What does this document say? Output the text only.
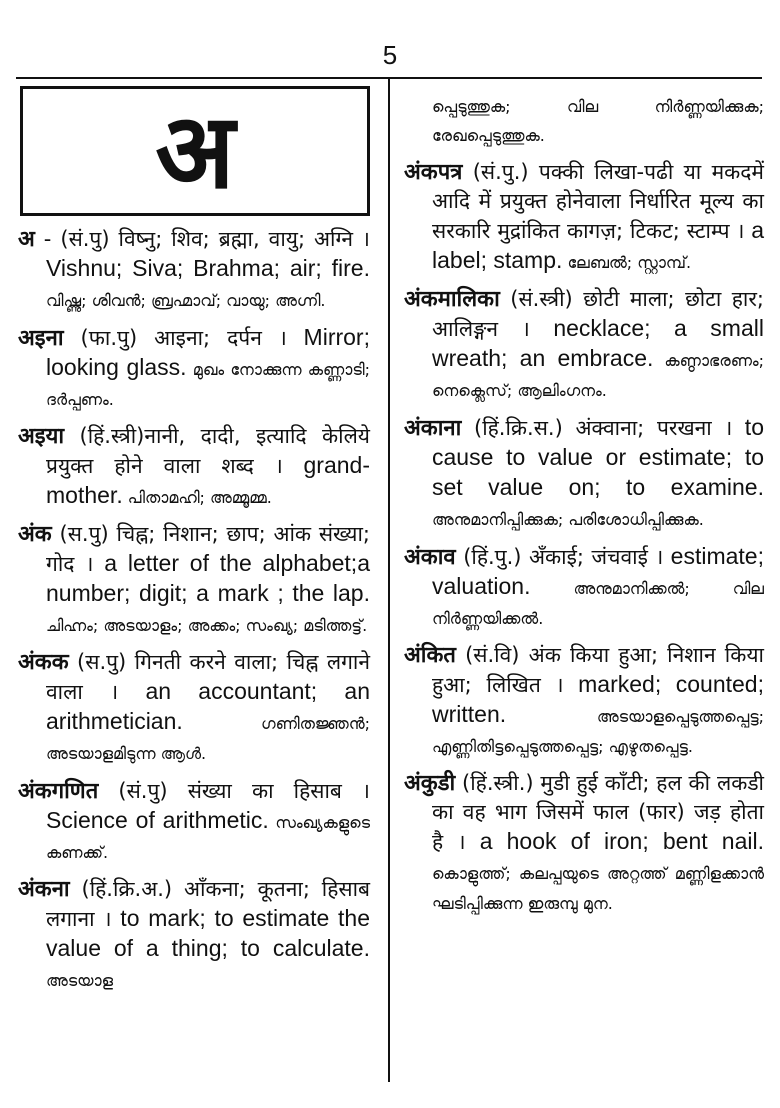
5
अ

अ - (सं.पु) विष्नु; शिव; ब्रह्मा, वायु; अग्नि । Vishnu; Siva; Brahma; air; fire. വിഷ്ണു; ശിവൻ; ബ്രഹ്മാവ്; വായു; അഗ്നി.

अइना (फा.पु) आइना; दर्पन । Mirror; looking glass. മുഖം നോക്കുന്ന കണ്ണാടി; ദർപ്പണം.

अइया (हिं.स्त्री)नानी, दादी, इत्यादि केलिये प्रयुक्त होने वाला शब्द । grand-mother. പിതാമഹി; അമ്മൂമ്മ.

अंक (स.पु) चिह्न; निशान; छाप; आंक संख्या; गोद । a letter of the alphabet;a number; digit; a mark ; the lap. ചിഹ്നം; അടയാളം; അക്കം; സംഖ്യ; മടിത്തട്ട്.

अंकक (स.पु) गिनती करने वाला; चिह्न लगाने वाला । an accountant; an arithmetician. ഗണിതജ്ഞൻ; അടയാളമിടുന്ന ആൾ.

अंकगणित (सं.पु) संख्या का हिसाब । Science of arithmetic. സംഖ്യകളുടെ കണക്ക്.

अंकना (हिं.क्रि.अ.) आँकना; कूतना; हिसाब लगाना । to mark; to estimate the value of a thing; to calculate. അടയാള

പ്പെടുത്തുക; വില നിർണ്ണയിക്കുക; രേഖപ്പെടുത്തുക.

अंकपत्र (सं.पु.) पक्की लिखा-पढी या मकदमें आदि में प्रयुक्त होनेवाला निर्धारित मूल्य का सरकारि मुद्रांकित कागज़; टिकट; स्टाम्प । a label; stamp. ലേബൽ; സ്റ്റാമ്പ്.

अंकमालिका (सं.स्त्री) छोटी माला; छोटा हार; आलिङ्गन । necklace; a small wreath; an embrace. കണ്ഠാഭരണം; നെക്ലെസ്; ആലിംഗനം.

अंकाना (हिं.क्रि.स.) अंक्वाना; परखना । to cause to value or estimate; to set value on; to examine. അനുമാനിപ്പിക്കുക; പരിശോധിപ്പിക്കുക.

अंकाव (हिं.पु.) अँकाई; जंचवाई । estimate; valuation. അനുമാനിക്കൽ; വില നിർണ്ണയിക്കൽ.

अंकित (सं.वि) अंक किया हुआ; निशान किया हुआ; लिखित । marked; counted; written. അടയാളപ്പെടുത്തപ്പെട്ട; എണ്ണിതിട്ടപ്പെടുത്തപ്പെട്ട; എഴുതപ്പെട്ട.

अंकुडी (हिं.स्त्री.) मुडी हुई काँटी; हल की लकडी का वह भाग जिसमें फाल (फार) जड़ होता है । a hook of iron; bent nail. കൊളുത്ത്; കലപ്പയുടെ അറ്റത്ത് മണ്ണിളക്കാൻ ഘടിപ്പിക്കുന്ന ഇരുമ്പു മുന.
